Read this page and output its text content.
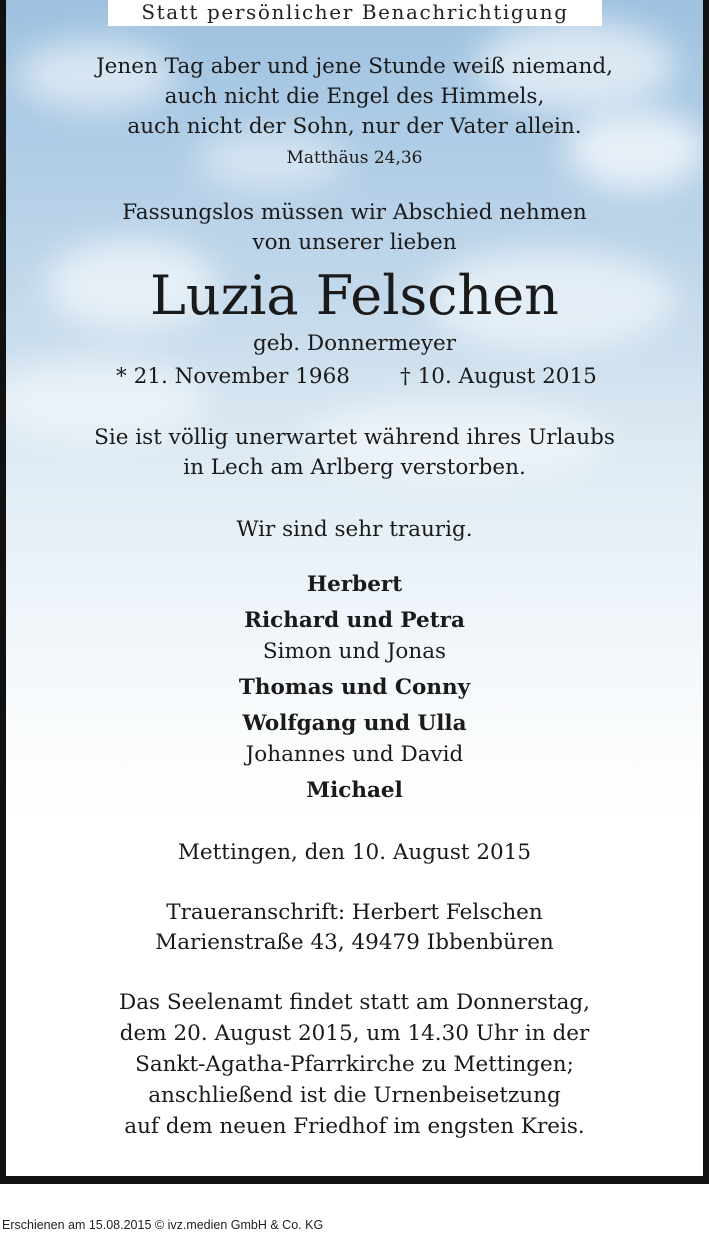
Statt persönlicher Benachrichtigung
Jenen Tag aber und jene Stunde weiß niemand,
auch nicht die Engel des Himmels,
auch nicht der Sohn, nur der Vater allein.
Matthäus 24,36
Fassungslos müssen wir Abschied nehmen
von unserer lieben
Luzia Felschen
geb. Donnermeyer
* 21. November 1968 † 10. August 2015
Sie ist völlig unerwartet während ihres Urlaubs
in Lech am Arlberg verstorben.
Wir sind sehr traurig.
Herbert
Richard und Petra
Simon und Jonas
Thomas und Conny
Wolfgang und Ulla
Johannes und David
Michael
Mettingen, den 10. August 2015
Traueranschrift: Herbert Felschen
Marienstraße 43, 49479 Ibbenbüren
Das Seelenamt findet statt am Donnerstag,
dem 20. August 2015, um 14.30 Uhr in der
Sankt-Agatha-Pfarrkirche zu Mettingen;
anschließend ist die Urnenbeisetzung
auf dem neuen Friedhof im engsten Kreis.
Erschienen am 15.08.2015 © ivz.medien GmbH & Co. KG
